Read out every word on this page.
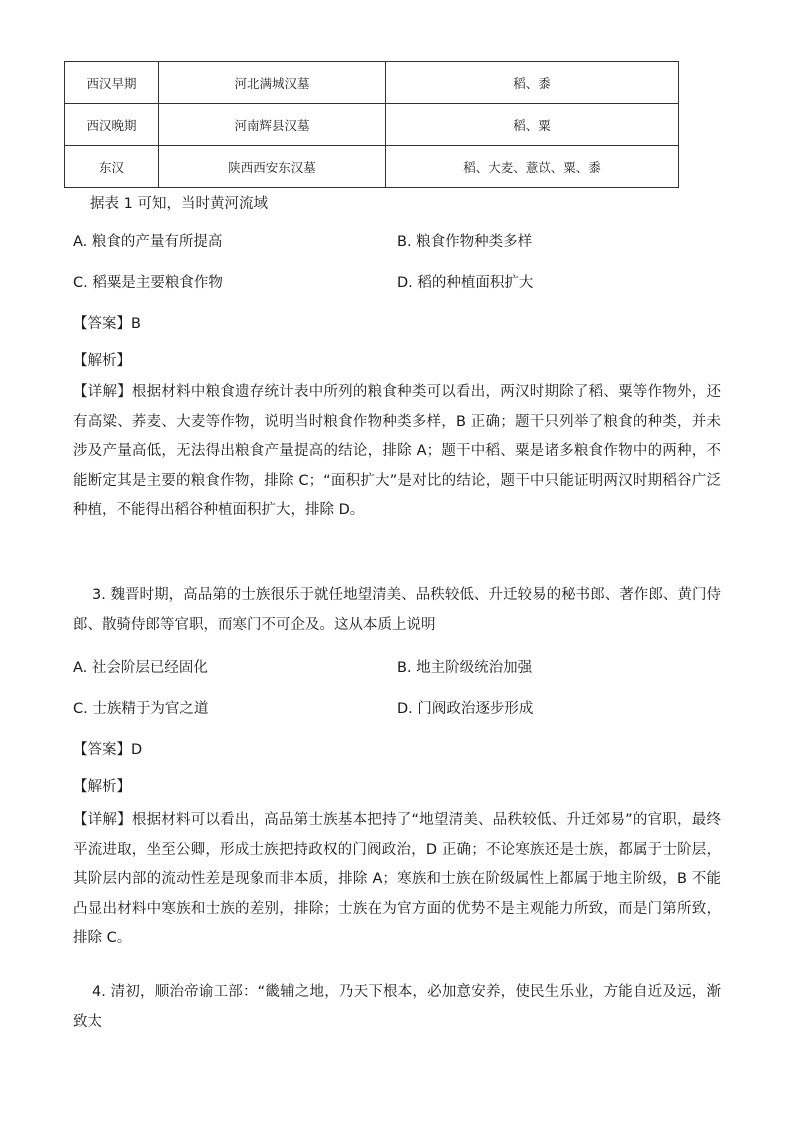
西汉早期	河北满城汉墓	稻、黍
西汉晚期	河南辉县汉墓	稻、粟
东汉	陕西西安东汉墓	稻、大麦、薏苡、粟、黍
据表 1 可知，当时黄河流域
A. 粮食的产量有所提高	B. 粮食作物种类多样
C. 稻粟是主要粮食作物	D. 稻的种植面积扩大
【答案】B
【解析】
【详解】根据材料中粮食遗存统计表中所列的粮食种类可以看出，两汉时期除了稻、粟等作物外，还有高粱、荞麦、大麦等作物，说明当时粮食作物种类多样，B 正确；题干只列举了粮食的种类，并未涉及产量高低，无法得出粮食产量提高的结论，排除 A；题干中稻、粟是诸多粮食作物中的两种，不能断定其是主要的粮食作物，排除 C；“面积扩大”是对比的结论，题干中只能证明两汉时期稻谷广泛种植，不能得出稻谷种植面积扩大，排除 D。
3. 魏晋时期，高品第的士族很乐于就任地望清美、品秩较低、升迁较易的秘书郎、著作郎、黄门侍郎、散骑侍郎等官职，而寒门不可企及。这从本质上说明
A. 社会阶层已经固化	B. 地主阶级统治加强
C. 士族精于为官之道	D. 门阀政治逐步形成
【答案】D
【解析】
【详解】根据材料可以看出，高品第士族基本把持了“地望清美、品秩较低、升迁郊易”的官职，最终平流进取，坐至公卿，形成士族把持政权的门阀政治，D 正确；不论寒族还是士族，都属于士阶层，其阶层内部的流动性差是现象而非本质，排除 A；寒族和士族在阶级属性上都属于地主阶级，B 不能凸显出材料中寒族和士族的差别，排除；士族在为官方面的优势不是主观能力所致，而是门第所致，排除 C。
4. 清初，顺治帝谕工部：“畿辅之地，乃天下根本，必加意安养，使民生乐业，方能自近及远，渐致太
